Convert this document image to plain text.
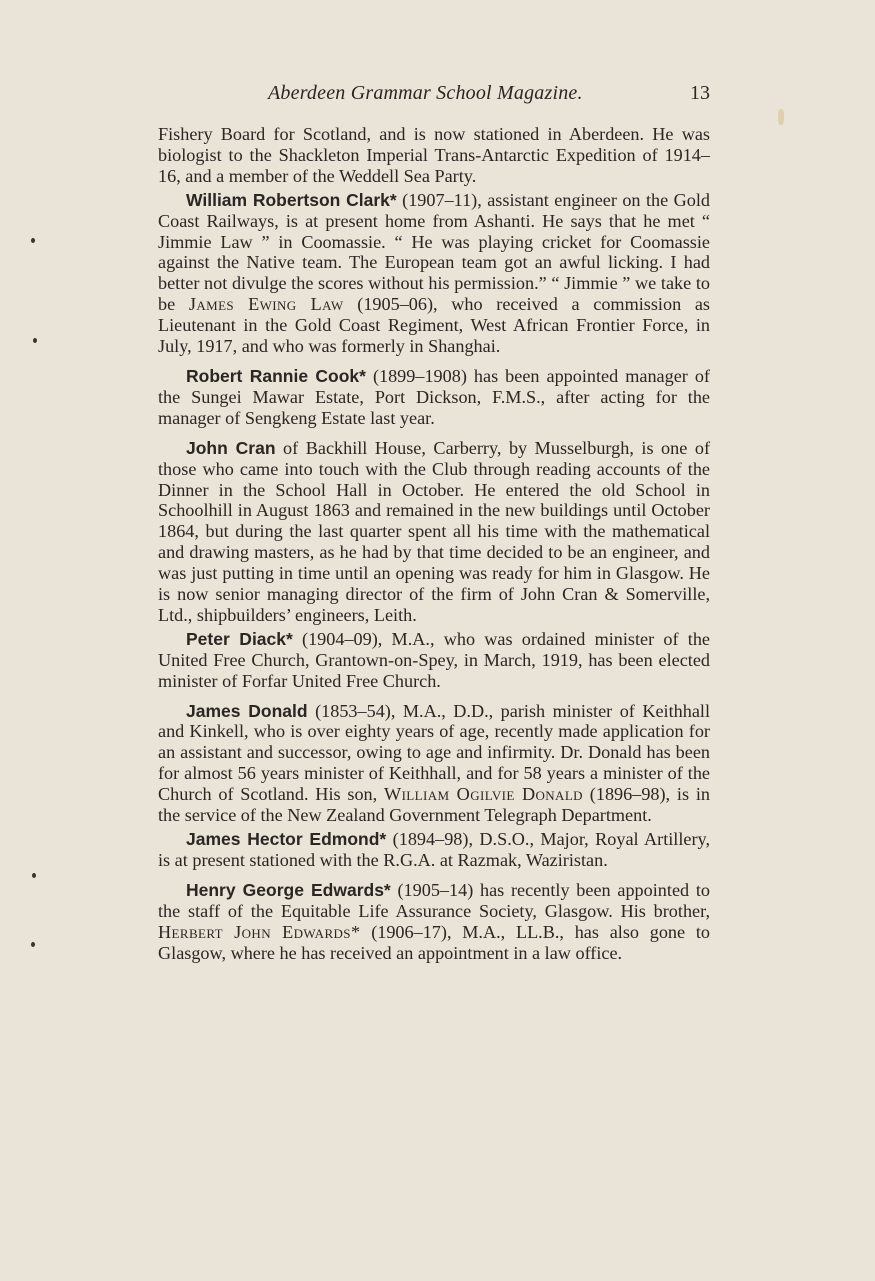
Aberdeen Grammar School Magazine.	13

Fishery Board for Scotland, and is now stationed in Aberdeen. He was biologist to the Shackleton Imperial Trans-Antarctic Expedition of 1914–16, and a member of the Weddell Sea Party.

William Robertson Clark* (1907–11), assistant engineer on the Gold Coast Railways, is at present home from Ashanti. He says that he met “ Jimmie Law ” in Coomassie. “ He was playing cricket for Coomassie against the Native team. The European team got an awful licking. I had better not divulge the scores without his permission.” “ Jimmie ” we take to be James Ewing Law (1905–06), who received a commission as Lieutenant in the Gold Coast Regiment, West African Frontier Force, in July, 1917, and who was formerly in Shanghai.

Robert Rannie Cook* (1899–1908) has been appointed manager of the Sungei Mawar Estate, Port Dickson, F.M.S., after acting for the manager of Sengkeng Estate last year.

John Cran of Backhill House, Carberry, by Musselburgh, is one of those who came into touch with the Club through reading accounts of the Dinner in the School Hall in October. He entered the old School in Schoolhill in August 1863 and remained in the new buildings until October 1864, but during the last quarter spent all his time with the mathematical and drawing masters, as he had by that time decided to be an engineer, and was just putting in time until an opening was ready for him in Glasgow. He is now senior managing director of the firm of John Cran & Somerville, Ltd., shipbuilders’ engineers, Leith.

Peter Diack* (1904–09), M.A., who was ordained minister of the United Free Church, Grantown-on-Spey, in March, 1919, has been elected minister of Forfar United Free Church.

James Donald (1853–54), M.A., D.D., parish minister of Keithhall and Kinkell, who is over eighty years of age, recently made application for an assistant and successor, owing to age and infirmity. Dr. Donald has been for almost 56 years minister of Keithhall, and for 58 years a minister of the Church of Scotland. His son, William Ogilvie Donald (1896–98), is in the service of the New Zealand Government Telegraph Department.

James Hector Edmond* (1894–98), D.S.O., Major, Royal Artillery, is at present stationed with the R.G.A. at Razmak, Waziristan.

Henry George Edwards* (1905–14) has recently been appointed to the staff of the Equitable Life Assurance Society, Glasgow. His brother, Herbert John Edwards* (1906–17), M.A., LL.B., has also gone to Glasgow, where he has received an appointment in a law office.
